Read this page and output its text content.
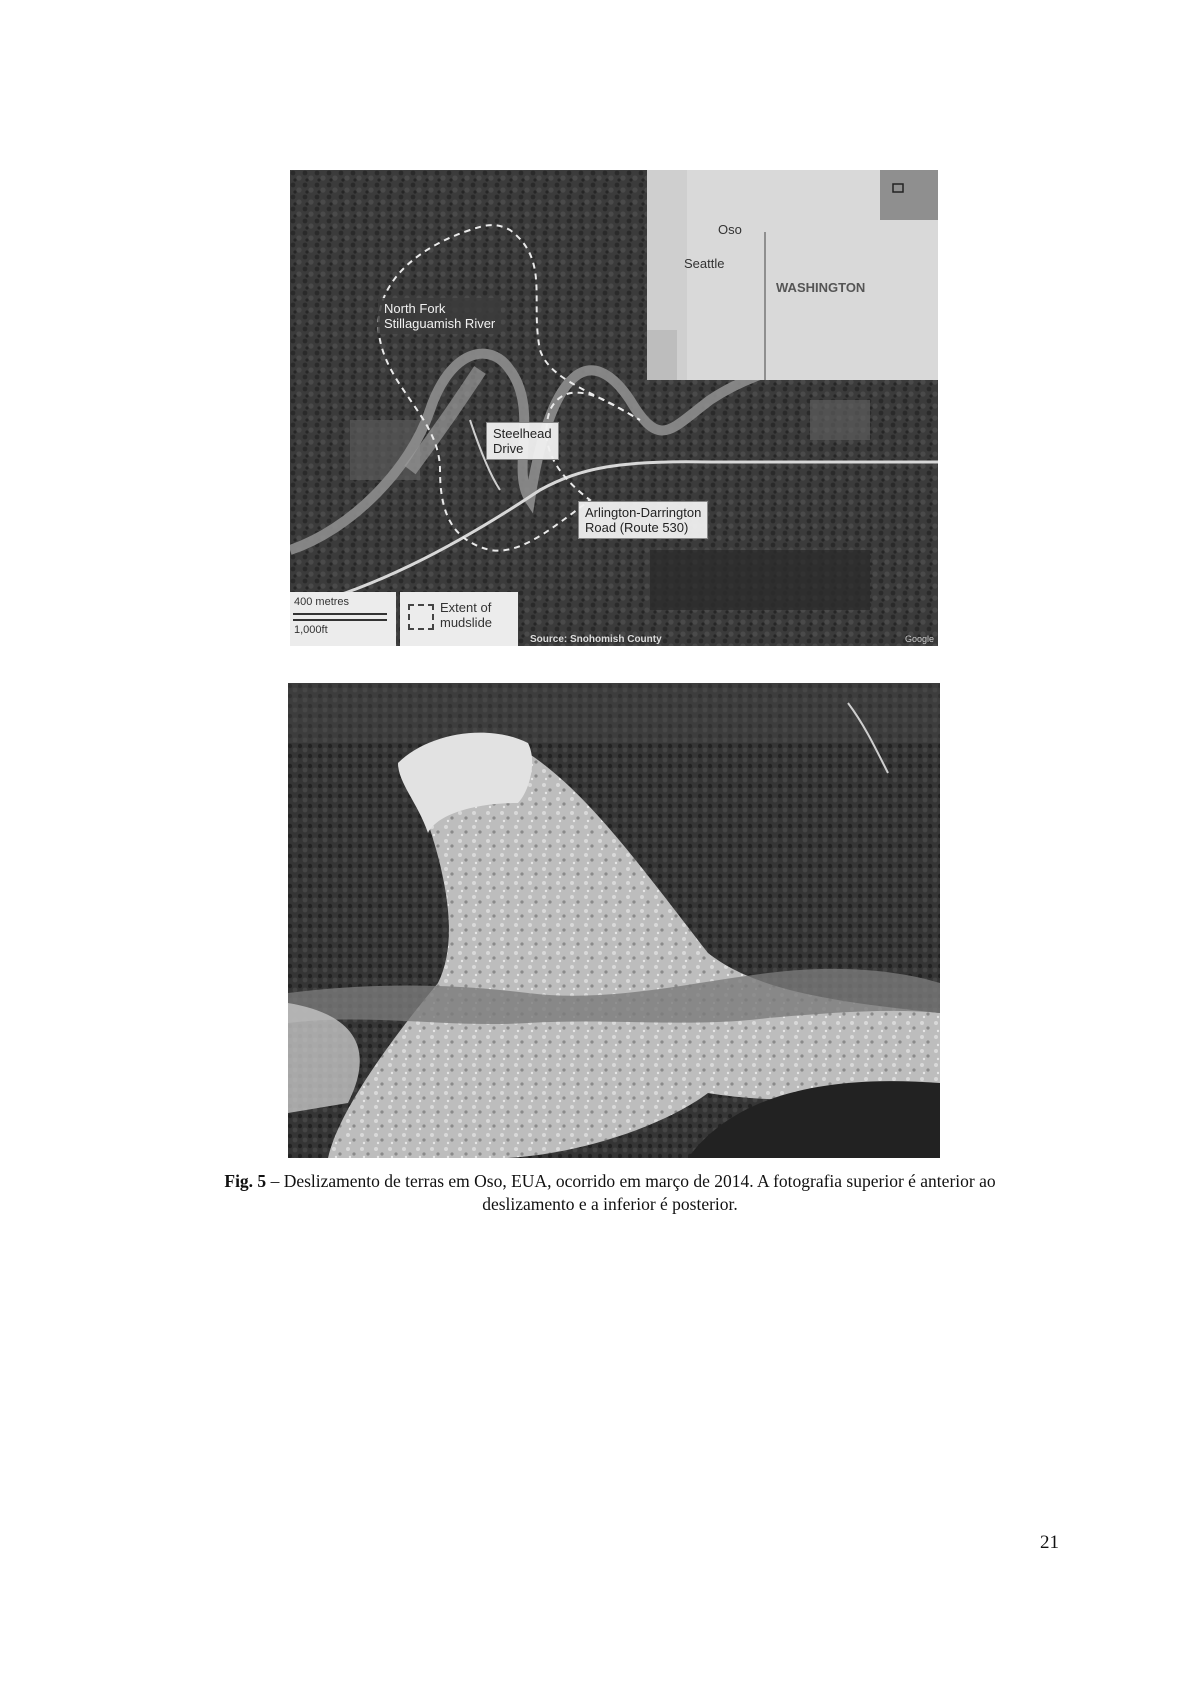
North Fork
Stillaguamish River
Steelhead
Drive
Arlington-Darrington
Road (Route 530)
Oso
Seattle
WASHINGTON
400 metres
1,000ft
Extent of
mudslide
Source: Snohomish County	Google
Fig. 5 – Deslizamento de terras em Oso, EUA, ocorrido em março de 2014. A fotografia superior é anterior ao deslizamento e a inferior é posterior.
21
